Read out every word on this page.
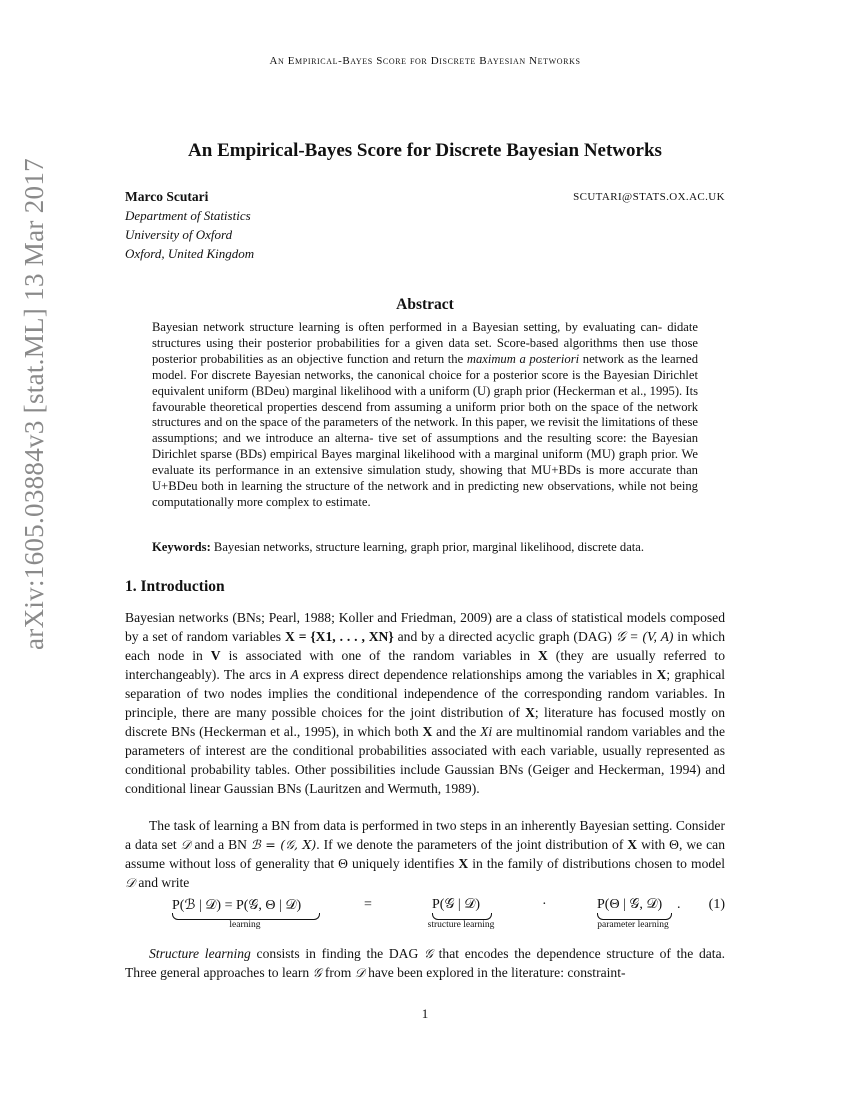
An Empirical-Bayes Score for Discrete Bayesian Networks
arXiv:1605.03884v3 [stat.ML] 13 Mar 2017
An Empirical-Bayes Score for Discrete Bayesian Networks
Marco Scutari	SCUTARI@STATS.OX.AC.UK
Department of Statistics
University of Oxford
Oxford, United Kingdom
Abstract
Bayesian network structure learning is often performed in a Bayesian setting, by evaluating can- didate structures using their posterior probabilities for a given data set. Score-based algorithms then use those posterior probabilities as an objective function and return the maximum a posteriori network as the learned model. For discrete Bayesian networks, the canonical choice for a posterior score is the Bayesian Dirichlet equivalent uniform (BDeu) marginal likelihood with a uniform (U) graph prior (Heckerman et al., 1995). Its favourable theoretical properties descend from assuming a uniform prior both on the space of the network structures and on the space of the parameters of the network. In this paper, we revisit the limitations of these assumptions; and we introduce an alterna- tive set of assumptions and the resulting score: the Bayesian Dirichlet sparse (BDs) empirical Bayes marginal likelihood with a marginal uniform (MU) graph prior. We evaluate its performance in an extensive simulation study, showing that MU+BDs is more accurate than U+BDeu both in learning the structure of the network and in predicting new observations, while not being computationally more complex to estimate.
Keywords: Bayesian networks, structure learning, graph prior, marginal likelihood, discrete data.
1. Introduction
Bayesian networks (BNs; Pearl, 1988; Koller and Friedman, 2009) are a class of statistical models composed by a set of random variables X = {X1, . . . , XN} and by a directed acyclic graph (DAG) 𝒢 = (V, A) in which each node in V is associated with one of the random variables in X (they are usually referred to interchangeably). The arcs in A express direct dependence relationships among the variables in X; graphical separation of two nodes implies the conditional independence of the corresponding random variables. In principle, there are many possible choices for the joint distribution of X; literature has focused mostly on discrete BNs (Heckerman et al., 1995), in which both X and the Xi are multinomial random variables and the parameters of interest are the conditional probabilities associated with each variable, usually represented as conditional probability tables. Other possibilities include Gaussian BNs (Geiger and Heckerman, 1994) and conditional linear Gaussian BNs (Lauritzen and Wermuth, 1989).
The task of learning a BN from data is performed in two steps in an inherently Bayesian setting. Consider a data set 𝒟 and a BN ℬ = (𝒢, X). If we denote the parameters of the joint distribution of X with Θ, we can assume without loss of generality that Θ uniquely identifies X in the family of distributions chosen to model 𝒟 and write
P(ℬ | 𝒟) = P(𝒢, Θ | 𝒟)
learning
=	P(𝒢 | 𝒟)
structure learning
·	P(Θ | 𝒢, 𝒟)
parameter learning
. (1)
Structure learning consists in finding the DAG 𝒢 that encodes the dependence structure of the data. Three general approaches to learn 𝒢 from 𝒟 have been explored in the literature: constraint-
1
